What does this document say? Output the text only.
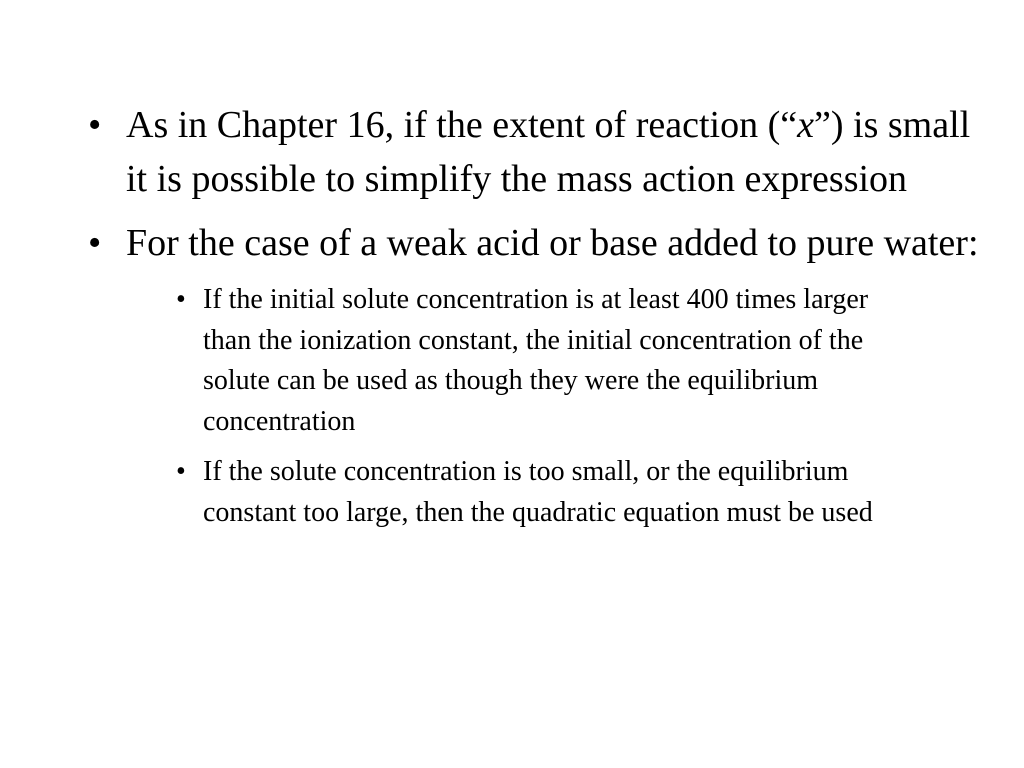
• As in Chapter 16, if the extent of reaction (“x”) is small it is possible to simplify the mass action expression
• For the case of a weak acid or base added to pure water:
• If the initial solute concentration is at least 400 times larger than the ionization constant, the initial concentration of the solute can be used as though they were the equilibrium concentration
• If the solute concentration is too small, or the equilibrium constant too large, then the quadratic equation must be used
